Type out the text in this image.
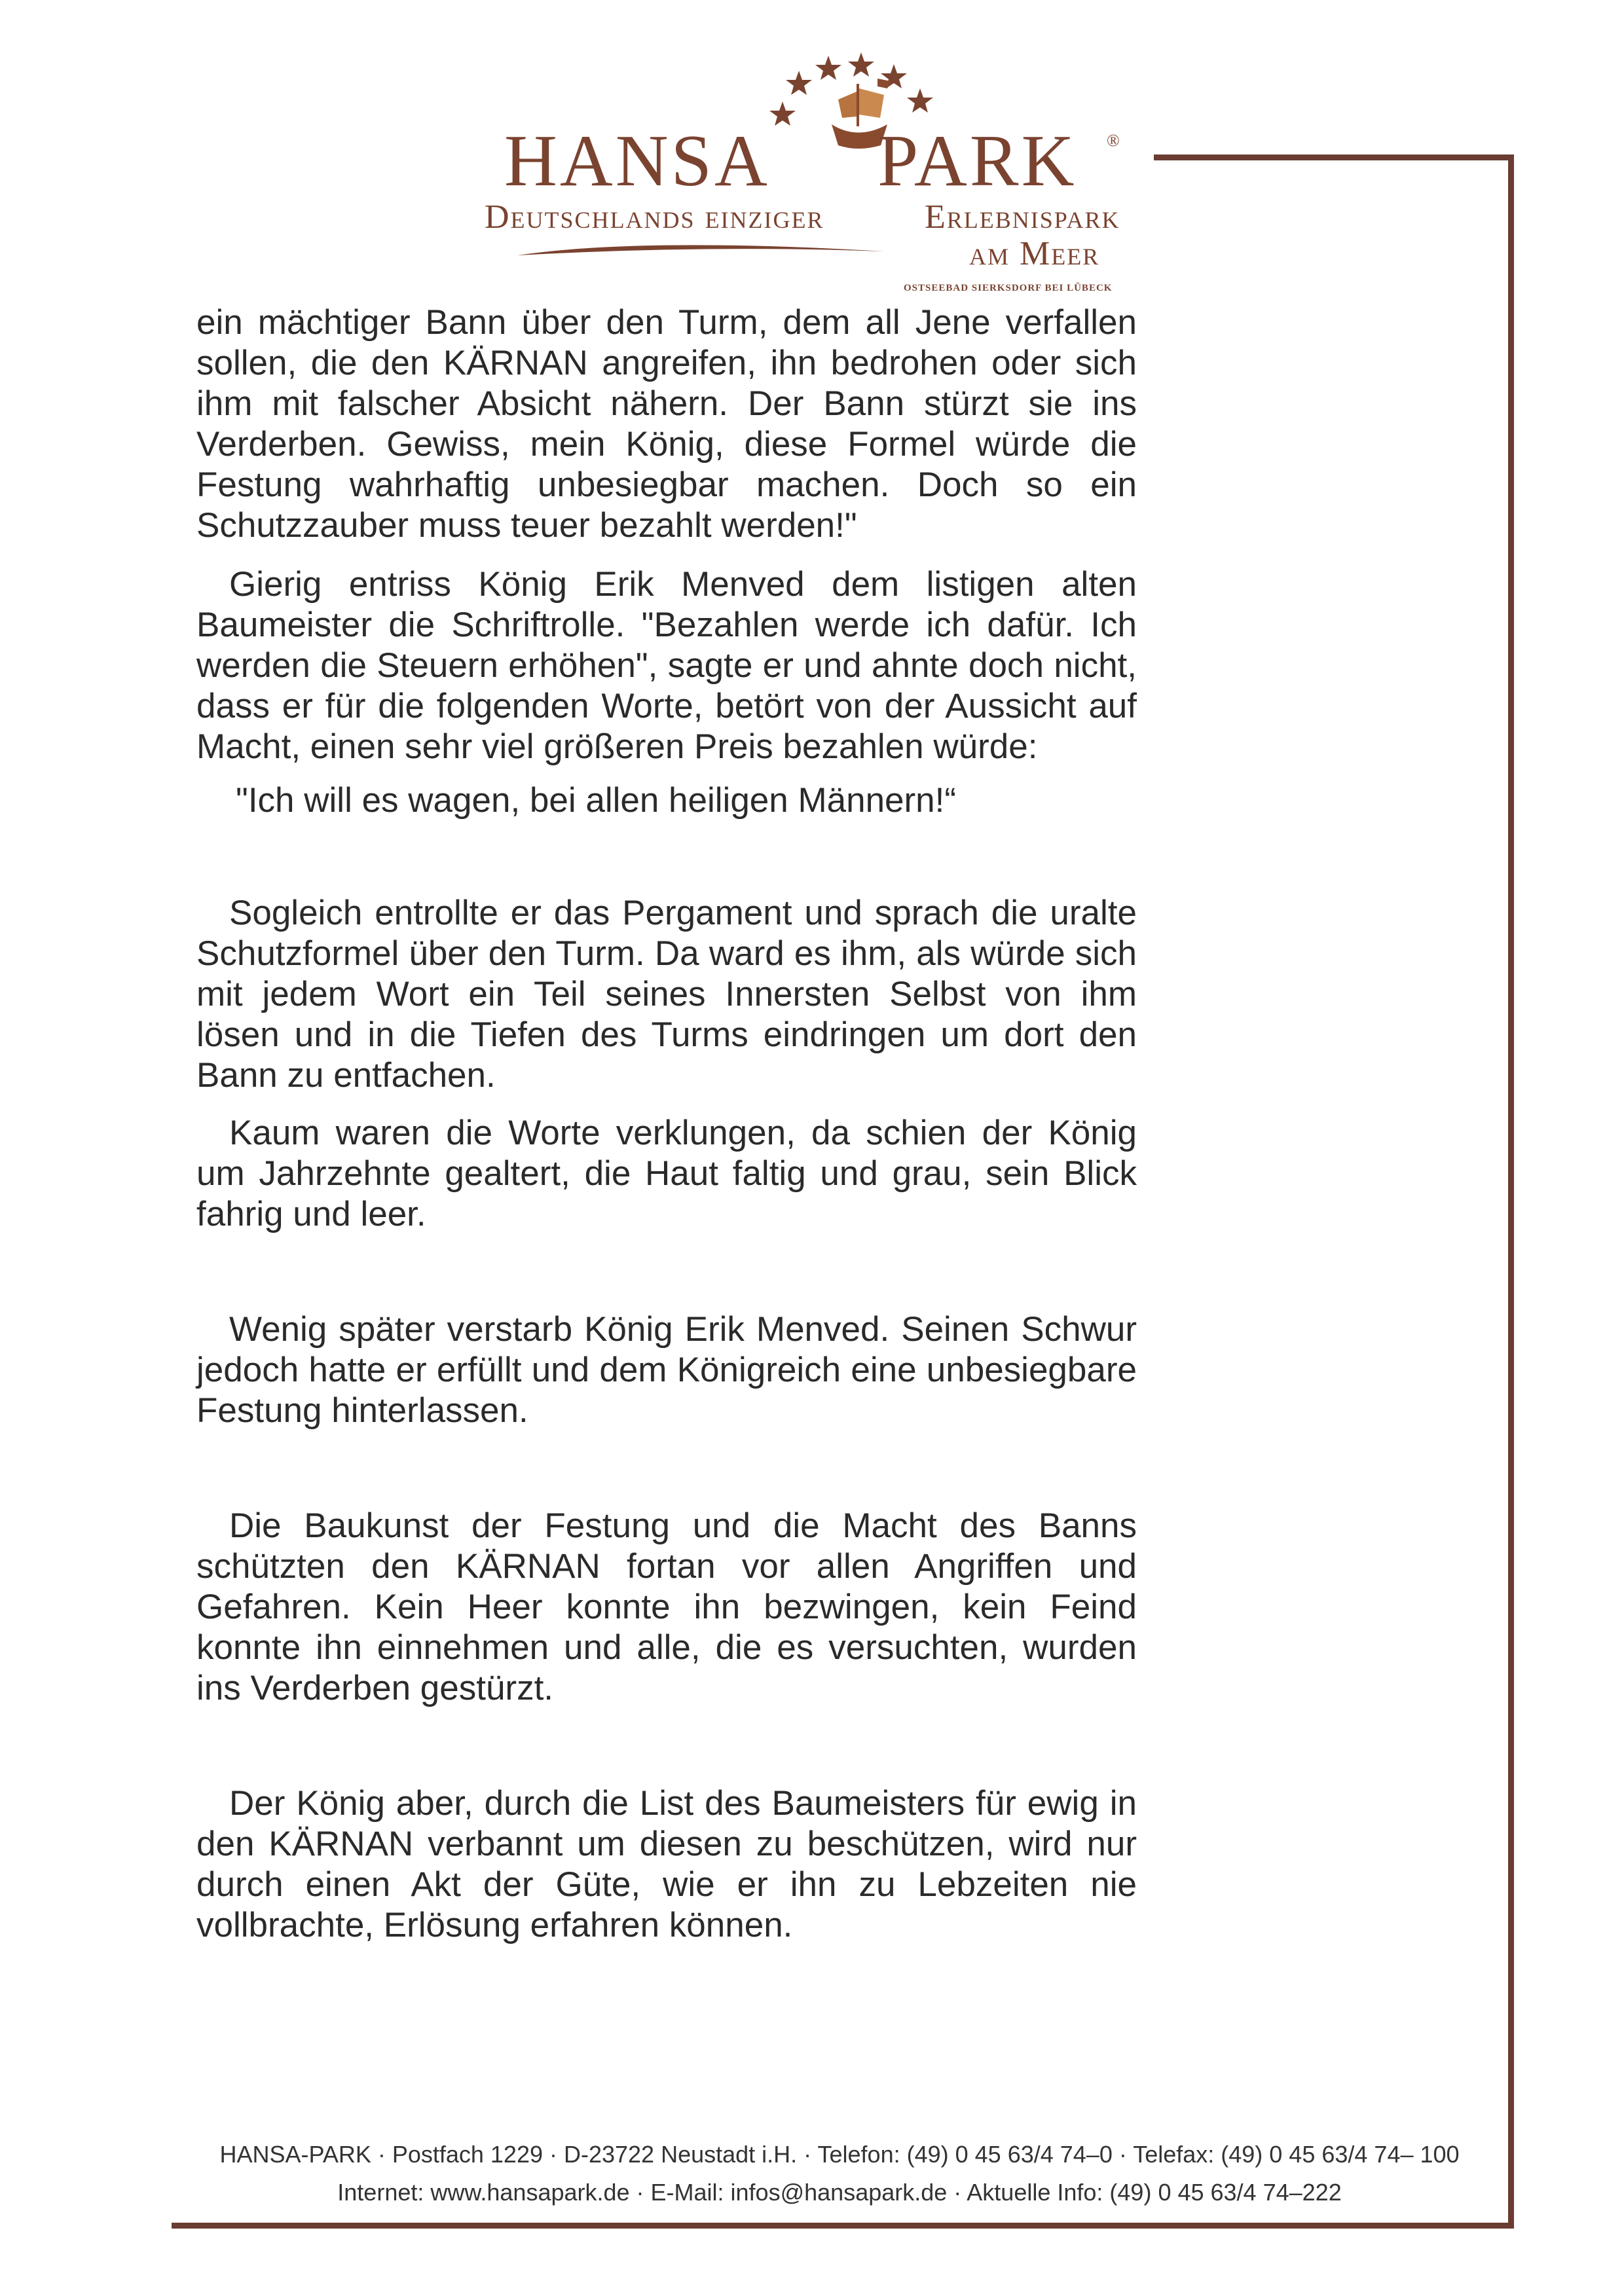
HANSA PARK ®
Deutschlands einziger	Erlebnispark
am Meer
OSTSEEBAD SIERKSDORF BEI LÜBECK

ein mächtiger Bann über den Turm, dem all Jene verfallen sollen, die den KÄRNAN angreifen, ihn bedrohen oder sich ihm mit falscher Absicht nähern. Der Bann stürzt sie ins Verderben. Gewiss, mein König, diese Formel würde die Festung wahrhaftig unbesiegbar machen. Doch so ein Schutzzauber muss teuer bezahlt werden!"

Gierig entriss König Erik Menved dem listigen alten Baumeister die Schriftrolle. "Bezahlen werde ich dafür. Ich werden die Steuern erhöhen", sagte er und ahnte doch nicht, dass er für die folgenden Worte, betört von der Aussicht auf Macht, einen sehr viel größeren Preis bezahlen würde:

"Ich will es wagen, bei allen heiligen Männern!“

Sogleich entrollte er das Pergament und sprach die uralte Schutzformel über den Turm. Da ward es ihm, als würde sich mit jedem Wort ein Teil seines Innersten Selbst von ihm lösen und in die Tiefen des Turms eindringen um dort den Bann zu entfachen.

Kaum waren die Worte verklungen, da schien der König um Jahrzehnte gealtert, die Haut faltig und grau, sein Blick fahrig und leer.

Wenig später verstarb König Erik Menved. Seinen Schwur jedoch hatte er erfüllt und dem Königreich eine unbesiegbare Festung hinterlassen.

Die Baukunst der Festung und die Macht des Banns schützten den KÄRNAN fortan vor allen Angriffen und Gefahren. Kein Heer konnte ihn bezwingen, kein Feind konnte ihn einnehmen und alle, die es versuchten, wurden ins Verderben gestürzt.

Der König aber, durch die List des Baumeisters für ewig in den KÄRNAN verbannt um diesen zu beschützen, wird nur durch einen Akt der Güte, wie er ihn zu Lebzeiten nie vollbrachte, Erlösung erfahren können.

HANSA-PARK · Postfach 1229 · D-23722 Neustadt i.H. · Telefon: (49) 0 45 63/4 74–0 · Telefax: (49) 0 45 63/4 74– 100
Internet: www.hansapark.de · E-Mail: infos@hansapark.de · Aktuelle Info: (49) 0 45 63/4 74–222
